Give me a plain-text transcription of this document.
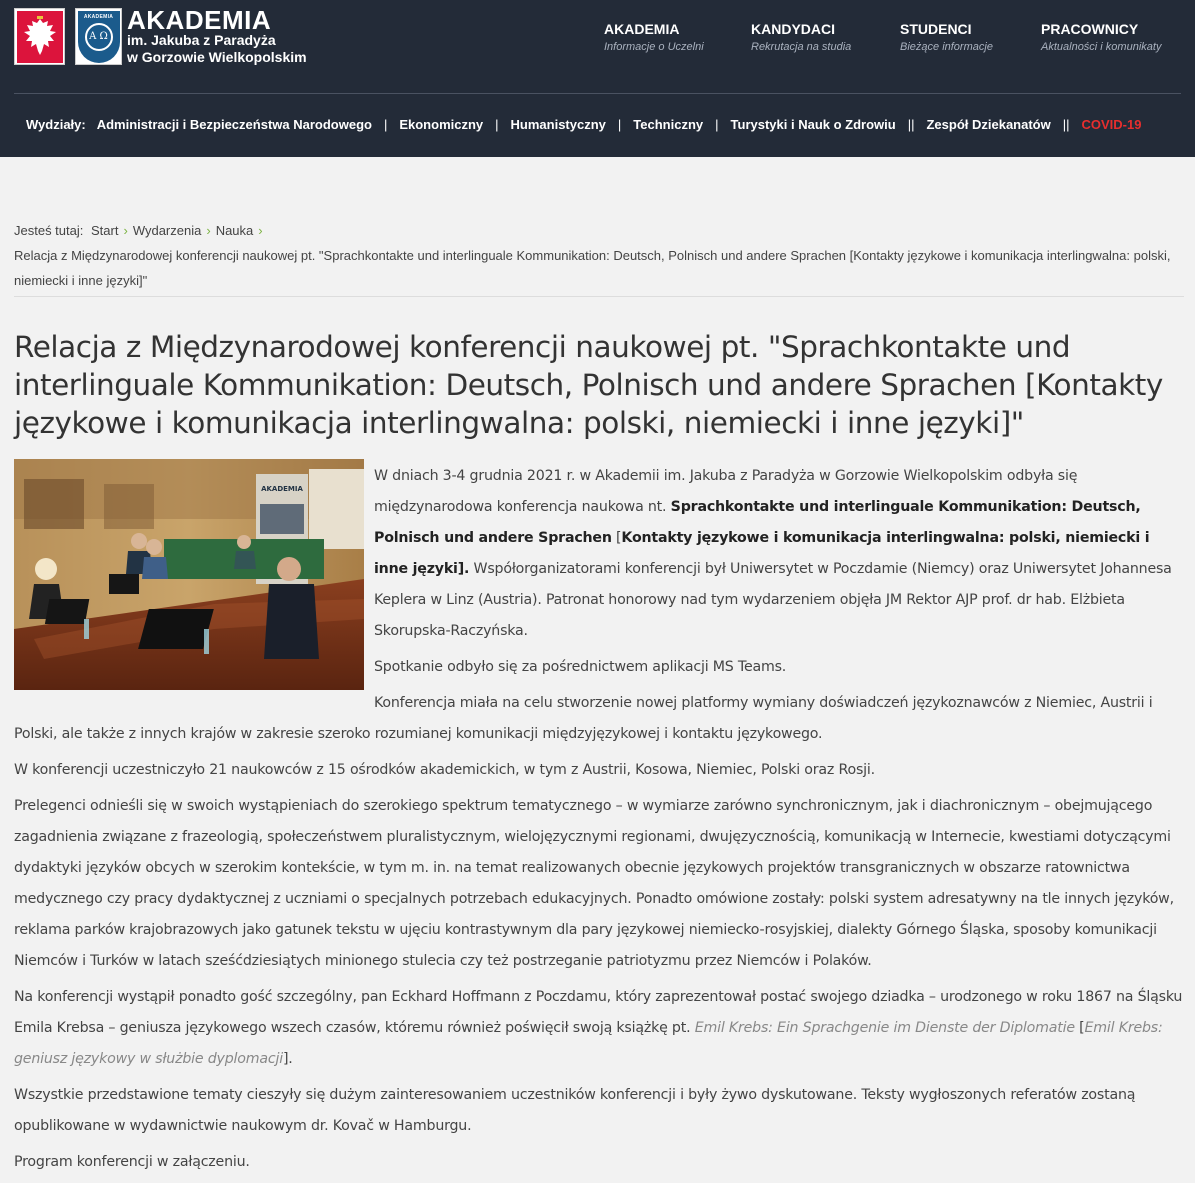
AKADEMIA
Α Ω
AKADEMIA
im. Jakuba z Paradyża
w Gorzowie Wielkopolskim
AKADEMIA
Informacje o Uczelni
KANDYDACI
Rekrutacja na studia
STUDENCI
Bieżące informacje
PRACOWNICY
Aktualności i komunikaty
Wydziały: Administracji i Bezpieczeństwa Narodowego | Ekonomiczny | Humanistyczny | Techniczny | Turystyki i Nauk o Zdrowiu || Zespół Dziekanatów || COVID-19
Jesteś tutaj: Start › Wydarzenia › Nauka ›
Relacja z Międzynarodowej konferencji naukowej pt. "Sprachkontakte und interlinguale Kommunikation: Deutsch, Polnisch und andere Sprachen [Kontakty językowe i komunikacja interlingwalna: polski, niemiecki i inne języki]"
Relacja z Międzynarodowej konferencji naukowej pt. "Sprachkontakte und interlinguale Kommunikation: Deutsch, Polnisch und andere Sprachen [Kontakty językowe i komunikacja interlingwalna: polski, niemiecki i inne języki]"
AKADEMIA

W dniach 3-4 grudnia 2021 r. w Akademii im. Jakuba z Paradyża w Gorzowie Wielkopolskim odbyła się międzynarodowa konferencja naukowa nt. Sprachkontakte und interlinguale Kommunikation: Deutsch, Polnisch und andere Sprachen [Kontakty językowe i komunikacja interlingwalna: polski, niemiecki i inne języki]. Współorganizatorami konferencji był Uniwersytet w Poczdamie (Niemcy) oraz Uniwersytet Johannesa Keplera w Linz (Austria). Patronat honorowy nad tym wydarzeniem objęła JM Rektor AJP prof. dr hab. Elżbieta Skorupska-Raczyńska.

Spotkanie odbyło się za pośrednictwem aplikacji MS Teams.

Konferencja miała na celu stworzenie nowej platformy wymiany doświadczeń językoznawców z Niemiec, Austrii i Polski, ale także z innych krajów w zakresie szeroko rozumianej komunikacji międzyjęzykowej i kontaktu językowego.

W konferencji uczestniczyło 21 naukowców z 15 ośrodków akademickich, w tym z Austrii, Kosowa, Niemiec, Polski oraz Rosji.

Prelegenci odnieśli się w swoich wystąpieniach do szerokiego spektrum tematycznego – w wymiarze zarówno synchronicznym, jak i diachronicznym – obejmującego zagadnienia związane z frazeologią, społeczeństwem pluralistycznym, wielojęzycznymi regionami, dwujęzycznością, komunikacją w Internecie, kwestiami dotyczącymi dydaktyki języków obcych w szerokim kontekście, w tym m. in. na temat realizowanych obecnie językowych projektów transgranicznych w obszarze ratownictwa medycznego czy pracy dydaktycznej z uczniami o specjalnych potrzebach edukacyjnych. Ponadto omówione zostały: polski system adresatywny na tle innych języków, reklama parków krajobrazowych jako gatunek tekstu w ujęciu kontrastywnym dla pary językowej niemiecko-rosyjskiej, dialekty Górnego Śląska, sposoby komunikacji Niemców i Turków w latach sześćdziesiątych minionego stulecia czy też postrzeganie patriotyzmu przez Niemców i Polaków.

Na konferencji wystąpił ponadto gość szczególny, pan Eckhard Hoffmann z Poczdamu, który zaprezentował postać swojego dziadka – urodzonego w roku 1867 na Śląsku Emila Krebsa – geniusza językowego wszech czasów, któremu również poświęcił swoją książkę pt. Emil Krebs: Ein Sprachgenie im Dienste der Diplomatie [Emil Krebs: geniusz językowy w służbie dyplomacji].

Wszystkie przedstawione tematy cieszyły się dużym zainteresowaniem uczestników konferencji i były żywo dyskutowane. Teksty wygłoszonych referatów zostaną opublikowane w wydawnictwie naukowym dr. Kovač w Hamburgu.

Program konferencji w załączeniu.
